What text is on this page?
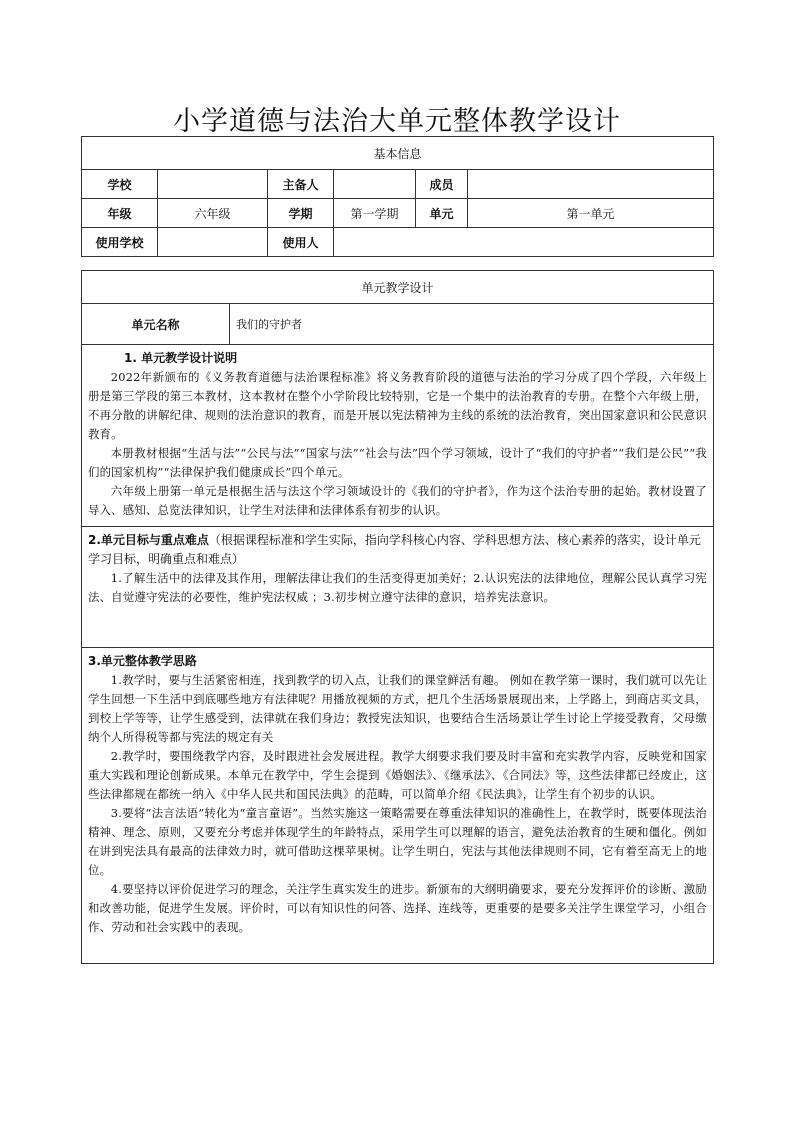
小学道德与法治大单元整体教学设计
基本信息					
学校		主备人		成员	
年级	六年级	学期	第一学期	单元	第一单元
使用学校		使用人			
单元教学设计
单元名称	我们的守护者

1. 单元教学设计说明

2022年新颁布的《义务教育道德与法治课程标准》将义务教育阶段的道德与法治的学习分成了四个学段，六年级上册是第三学段的第三本教材，这本教材在整个小学阶段比较特别，它是一个集中的法治教育的专册。在整个六年级上册，不再分散的讲解纪律、规则的法治意识的教育，而是开展以宪法精神为主线的系统的法治教育，突出国家意识和公民意识教育。

本册教材根据“生活与法”“公民与法”“国家与法”“社会与法”四个学习领域，设计了“我们的守护者”“我们是公民”“我们的国家机构”“法律保护我们健康成长”四个单元。

六年级上册第一单元是根据生活与法这个学习领域设计的《我们的守护者》，作为这个法治专册的起始。教材设置了导入、感知、总览法律知识，让学生对法律和法律体系有初步的认识。

2.单元目标与重点难点（根据课程标准和学生实际，指向学科核心内容、学科思想方法、核心素养的落实，设计单元学习目标，明确重点和难点）

1.了解生活中的法律及其作用，理解法律让我们的生活变得更加美好；2.认识宪法的法律地位，理解公民认真学习宪法、自觉遵守宪法的必要性，维护宪法权威 ；3.初步树立遵守法律的意识，培养宪法意识。

3.单元整体教学思路

1.教学时，要与生活紧密相连，找到教学的切入点，让我们的课堂鲜活有趣。 例如在教学第一课时，我们就可以先让学生回想一下生活中到底哪些地方有法律呢？用播放视频的方式，把几个生活场景展现出来，上学路上，到商店买文具，到校上学等等，让学生感受到，法律就在我们身边；教授宪法知识，也要结合生活场景让学生讨论上学接受教育，父母缴纳个人所得税等都与宪法的规定有关

2.教学时，要围绕教学内容，及时跟进社会发展进程。教学大纲要求我们要及时丰富和充实教学内容，反映党和国家重大实践和理论创新成果。本单元在教学中，学生会提到《婚姻法》、《继承法》、《合同法》等，这些法律都已经废止，这些法律都规在都统一纳入《中华人民共和国民法典》的范畴，可以简单介绍《民法典》，让学生有个初步的认识。

3.要将“法言法语”转化为“童言童语”。当然实施这一策略需要在尊重法律知识的准确性上，在教学时，既要体现法治精神、理念、原则，又要充分考虑并体现学生的年龄特点，采用学生可以理解的语言，避免法治教育的生硬和僵化。例如在讲到宪法具有最高的法律效力时，就可借助这棵苹果树。让学生明白，宪法与其他法律规则不同，它有着至高无上的地位。

4.要坚持以评价促进学习的理念，关注学生真实发生的进步。新颁布的大纲明确要求，要充分发挥评价的诊断、激励和改善功能，促进学生发展。评价时，可以有知识性的问答、选择、连线等，更重要的是要多关注学生课堂学习，小组合作、劳动和社会实践中的表现。
